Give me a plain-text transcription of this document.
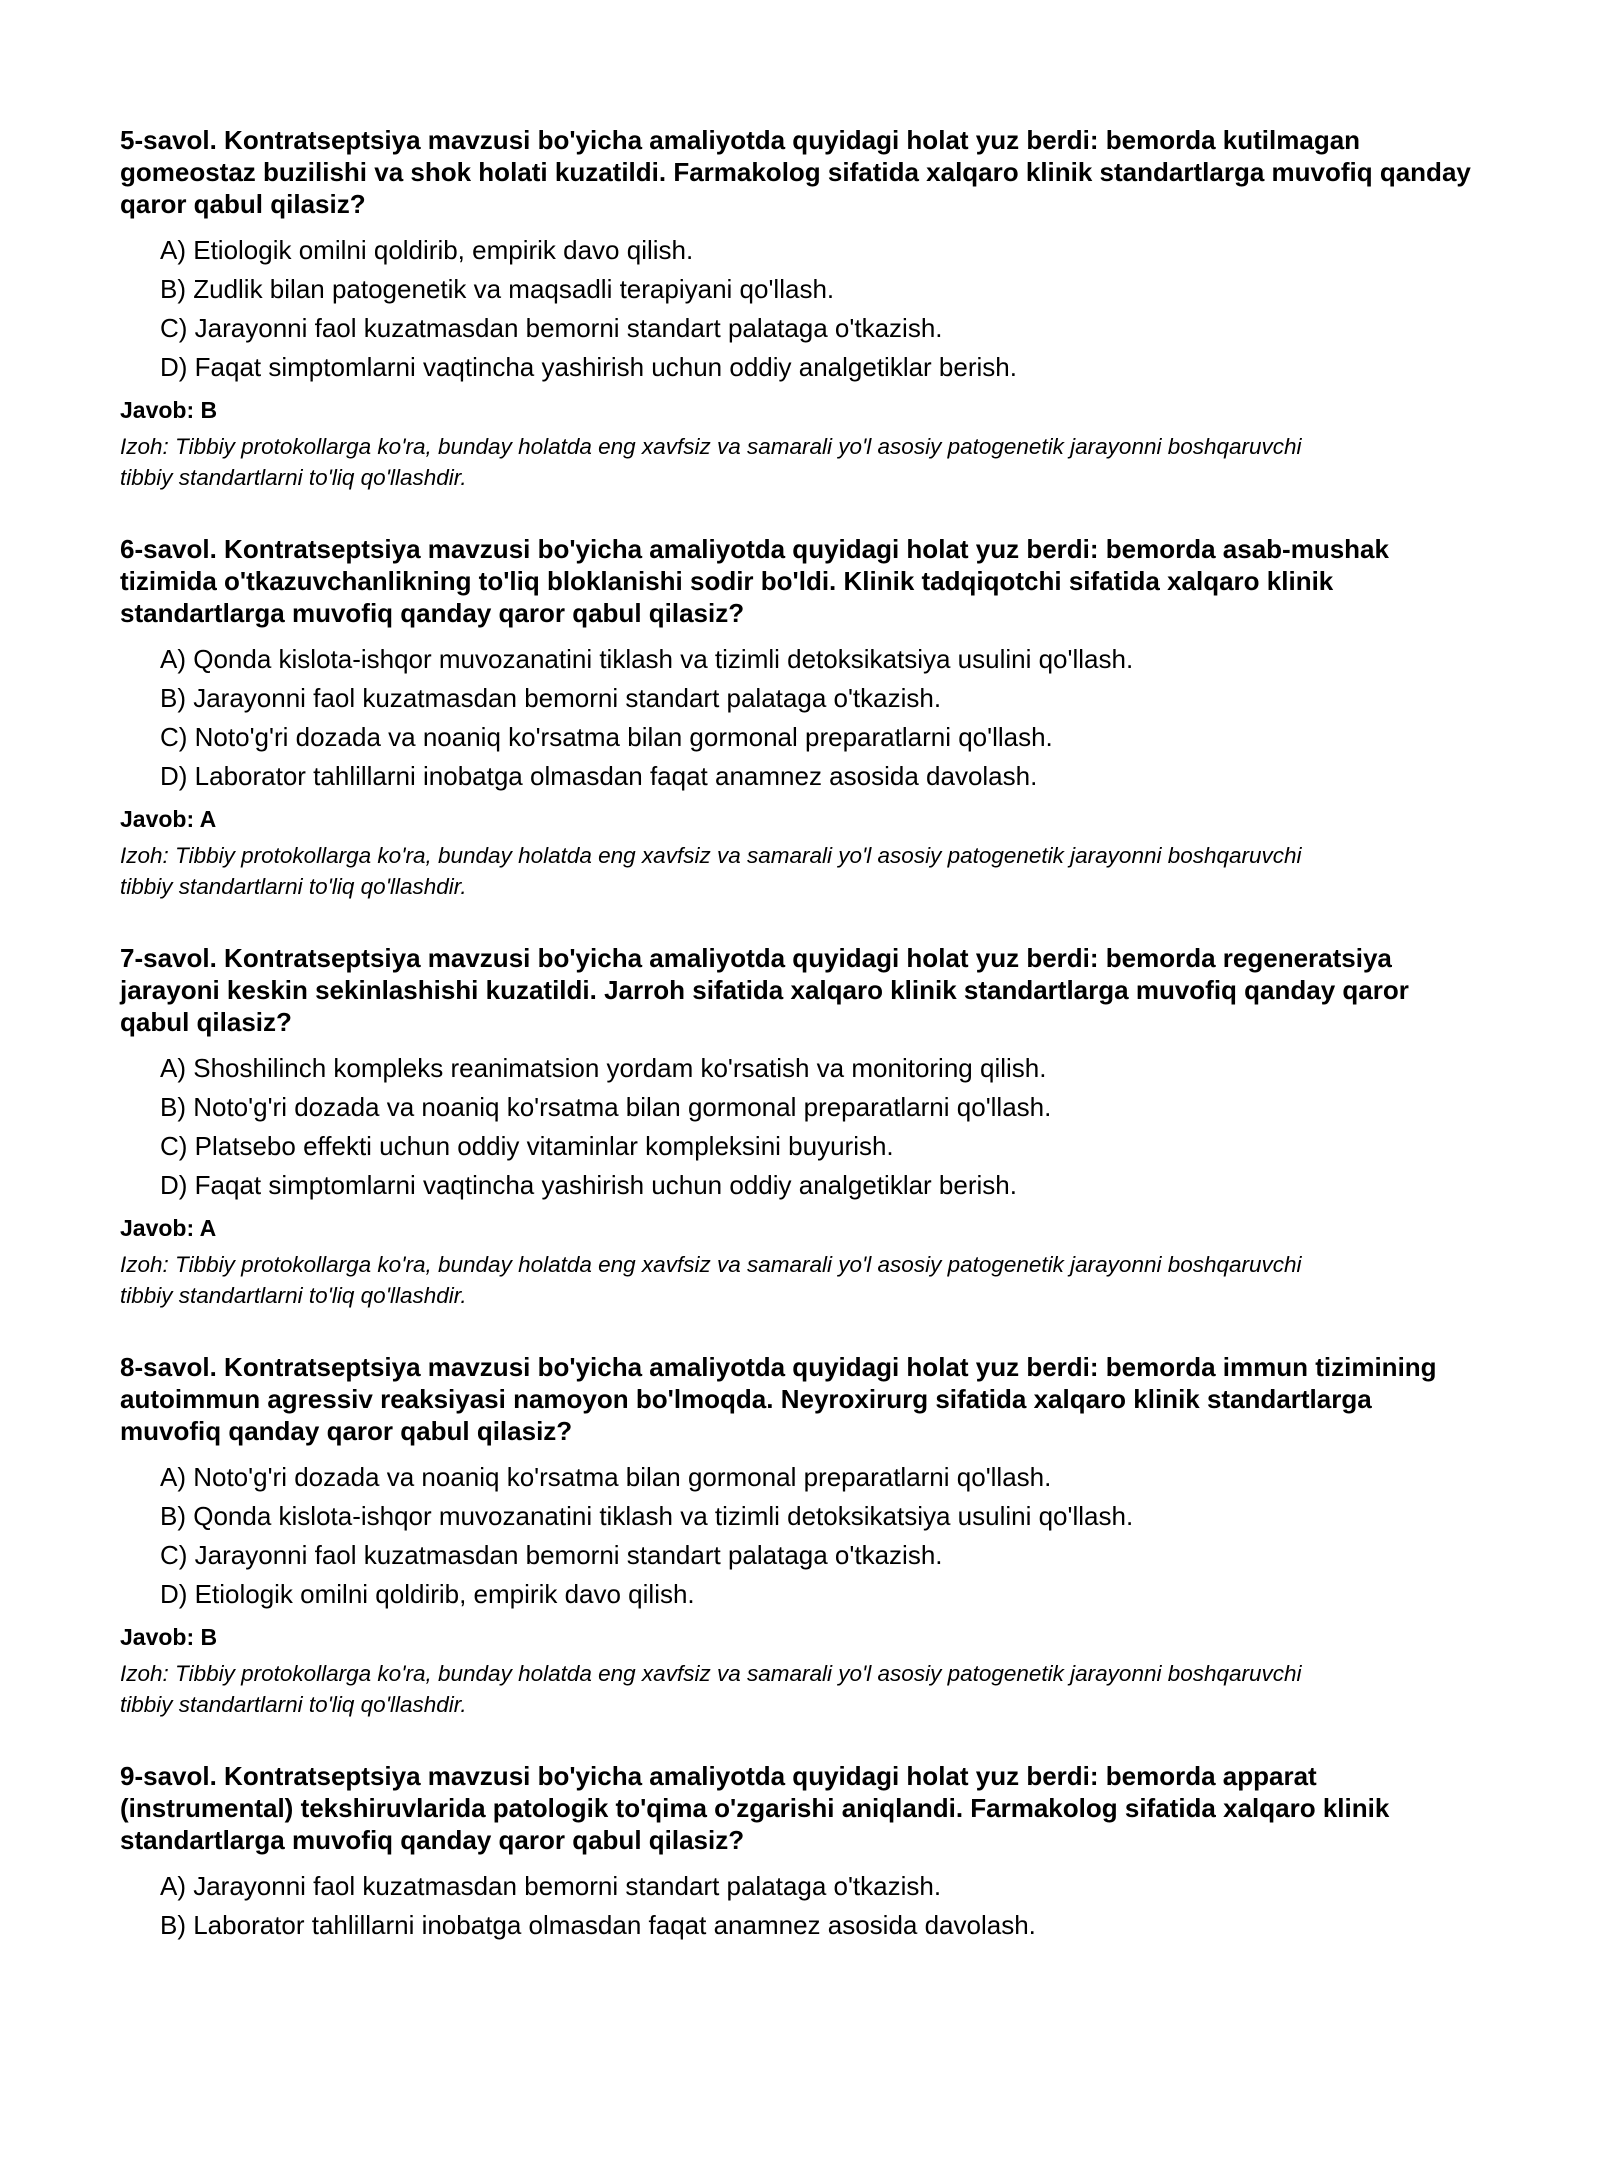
5-savol. Kontratseptsiya mavzusi bo'yicha amaliyotda quyidagi holat yuz berdi: bemorda kutilmagan gomeostaz buzilishi va shok holati kuzatildi. Farmakolog sifatida xalqaro klinik standartlarga muvofiq qanday qaror qabul qilasiz?

A) Etiologik omilni qoldirib, empirik davo qilish.
B) Zudlik bilan patogenetik va maqsadli terapiyani qo'llash.
C) Jarayonni faol kuzatmasdan bemorni standart palataga o'tkazish.
D) Faqat simptomlarni vaqtincha yashirish uchun oddiy analgetiklar berish.

Javob: B

Izoh: Tibbiy protokollarga ko'ra, bunday holatda eng xavfsiz va samarali yo'l asosiy patogenetik jarayonni boshqaruvchi tibbiy standartlarni to'liq qo'llashdir.

6-savol. Kontratseptsiya mavzusi bo'yicha amaliyotda quyidagi holat yuz berdi: bemorda asab-mushak tizimida o'tkazuvchanlikning to'liq bloklanishi sodir bo'ldi. Klinik tadqiqotchi sifatida xalqaro klinik standartlarga muvofiq qanday qaror qabul qilasiz?

A) Qonda kislota-ishqor muvozanatini tiklash va tizimli detoksikatsiya usulini qo'llash.
B) Jarayonni faol kuzatmasdan bemorni standart palataga o'tkazish.
C) Noto'g'ri dozada va noaniq ko'rsatma bilan gormonal preparatlarni qo'llash.
D) Laborator tahlillarni inobatga olmasdan faqat anamnez asosida davolash.

Javob: A

Izoh: Tibbiy protokollarga ko'ra, bunday holatda eng xavfsiz va samarali yo'l asosiy patogenetik jarayonni boshqaruvchi tibbiy standartlarni to'liq qo'llashdir.

7-savol. Kontratseptsiya mavzusi bo'yicha amaliyotda quyidagi holat yuz berdi: bemorda regeneratsiya jarayoni keskin sekinlashishi kuzatildi. Jarroh sifatida xalqaro klinik standartlarga muvofiq qanday qaror qabul qilasiz?

A) Shoshilinch kompleks reanimatsion yordam ko'rsatish va monitoring qilish.
B) Noto'g'ri dozada va noaniq ko'rsatma bilan gormonal preparatlarni qo'llash.
C) Platsebo effekti uchun oddiy vitaminlar kompleksini buyurish.
D) Faqat simptomlarni vaqtincha yashirish uchun oddiy analgetiklar berish.

Javob: A

Izoh: Tibbiy protokollarga ko'ra, bunday holatda eng xavfsiz va samarali yo'l asosiy patogenetik jarayonni boshqaruvchi tibbiy standartlarni to'liq qo'llashdir.

8-savol. Kontratseptsiya mavzusi bo'yicha amaliyotda quyidagi holat yuz berdi: bemorda immun tizimining autoimmun agressiv reaksiyasi namoyon bo'lmoqda. Neyroxirurg sifatida xalqaro klinik standartlarga muvofiq qanday qaror qabul qilasiz?

A) Noto'g'ri dozada va noaniq ko'rsatma bilan gormonal preparatlarni qo'llash.
B) Qonda kislota-ishqor muvozanatini tiklash va tizimli detoksikatsiya usulini qo'llash.
C) Jarayonni faol kuzatmasdan bemorni standart palataga o'tkazish.
D) Etiologik omilni qoldirib, empirik davo qilish.

Javob: B

Izoh: Tibbiy protokollarga ko'ra, bunday holatda eng xavfsiz va samarali yo'l asosiy patogenetik jarayonni boshqaruvchi tibbiy standartlarni to'liq qo'llashdir.

9-savol. Kontratseptsiya mavzusi bo'yicha amaliyotda quyidagi holat yuz berdi: bemorda apparat (instrumental) tekshiruvlarida patologik to'qima o'zgarishi aniqlandi. Farmakolog sifatida xalqaro klinik standartlarga muvofiq qanday qaror qabul qilasiz?

A) Jarayonni faol kuzatmasdan bemorni standart palataga o'tkazish.
B) Laborator tahlillarni inobatga olmasdan faqat anamnez asosida davolash.
